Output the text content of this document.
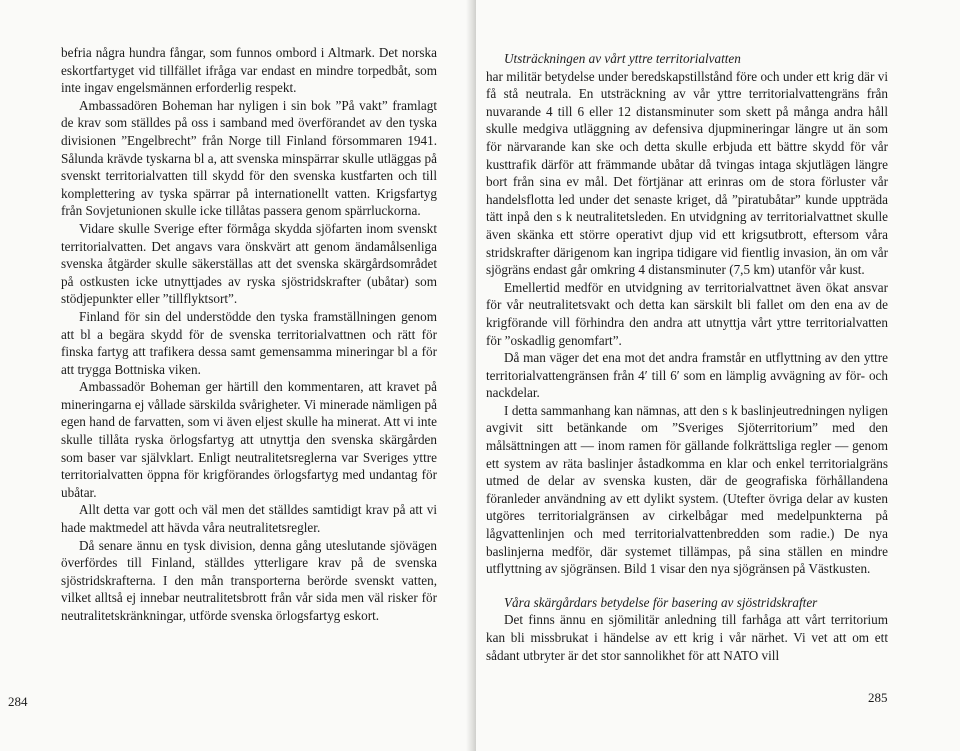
befria några hundra fångar, som funnos ombord i Altmark. Det norska eskortfartyget vid tillfället ifråga var endast en mindre torpedbåt, som inte ingav engelsmännen erforderlig respekt.

Ambassadören Boheman har nyligen i sin bok ”På vakt” framlagt de krav som ställdes på oss i samband med överförandet av den tyska divisionen ”Engelbrecht” från Norge till Finland försommaren 1941. Sålunda krävde tyskarna bl a, att svenska minspärrar skulle utläggas på svenskt territorialvatten till skydd för den svenska kustfarten och till komplettering av tyska spärrar på internationellt vatten. Krigsfartyg från Sovjetunionen skulle icke tillåtas passera genom spärrluckorna.

Vidare skulle Sverige efter förmåga skydda sjöfarten inom svenskt territorialvatten. Det angavs vara önskvärt att genom ändamålsenliga svenska åtgärder skulle säkerställas att det svenska skärgårdsområdet på ostkusten icke utnyttjades av ryska sjöstridskrafter (ubåtar) som stödjepunkter eller ”tillflyktsort”.

Finland för sin del understödde den tyska framställningen genom att bl a begära skydd för de svenska territorialvattnen och rätt för finska fartyg att trafikera dessa samt gemensamma mineringar bl a för att trygga Bottniska viken.

Ambassadör Boheman ger härtill den kommentaren, att kravet på mineringarna ej vållade särskilda svårigheter. Vi minerade nämligen på egen hand de farvatten, som vi även eljest skulle ha minerat. Att vi inte skulle tillåta ryska örlogsfartyg att utnyttja den svenska skärgården som baser var självklart. Enligt neutralitetsreglerna var Sveriges yttre territorialvatten öppna för krigförandes örlogsfartyg med undantag för ubåtar.

Allt detta var gott och väl men det ställdes samtidigt krav på att vi hade maktmedel att hävda våra neutralitetsregler.

Då senare ännu en tysk division, denna gång uteslutande sjövägen överfördes till Finland, ställdes ytterligare krav på de svenska sjöstridskrafterna. I den mån transporterna berörde svenskt vatten, vilket alltså ej innebar neutralitetsbrott från vår sida men väl risker för neutralitetskränkningar, utförde svenska örlogsfartyg eskort.

284

Utsträckningen av vårt yttre territorialvatten

har militär betydelse under beredskapstillstånd före och under ett krig där vi få stå neutrala. En utsträckning av vår yttre territorialvattengräns från nuvarande 4 till 6 eller 12 distansminuter som skett på många andra håll skulle medgiva utläggning av defensiva djupmineringar längre ut än som för närvarande kan ske och detta skulle erbjuda ett bättre skydd för vår kusttrafik därför att främmande ubåtar då tvingas intaga skjutlägen längre bort från sina ev mål. Det förtjänar att erinras om de stora förluster vår handelsflotta led under det senaste kriget, då ”piratubåtar” kunde uppträda tätt inpå den s k neutralitetsleden. En utvidgning av territorialvattnet skulle även skänka ett större operativt djup vid ett krigsutbrott, eftersom våra stridskrafter därigenom kan ingripa tidigare vid fientlig invasion, än om vår sjögräns endast går omkring 4 distansminuter (7,5 km) utanför vår kust.

Emellertid medför en utvidgning av territorialvattnet även ökat ansvar för vår neutralitetsvakt och detta kan särskilt bli fallet om den ena av de krigförande vill förhindra den andra att utnyttja vårt yttre territorialvatten för ”oskadlig genomfart”.

Då man väger det ena mot det andra framstår en utflyttning av den yttre territorialvattengränsen från 4′ till 6′ som en lämplig avvägning av för- och nackdelar.

I detta sammanhang kan nämnas, att den s k baslinjeutredningen nyligen avgivit sitt betänkande om ”Sveriges Sjöterritorium” med den målsättningen att — inom ramen för gällande folkrättsliga regler — genom ett system av räta baslinjer åstadkomma en klar och enkel territorialgräns utmed de delar av svenska kusten, där de geografiska förhållandena föranleder användning av ett dylikt system. (Utefter övriga delar av kusten utgöres territorialgränsen av cirkelbågar med medelpunkterna på lågvattenlinjen och med territorialvattenbredden som radie.) De nya baslinjerna medför, där systemet tillämpas, på sina ställen en mindre utflyttning av sjögränsen. Bild 1 visar den nya sjögränsen på Västkusten.

Våra skärgårdars betydelse för basering av sjöstridskrafter

Det finns ännu en sjömilitär anledning till farhåga att vårt territorium kan bli missbrukat i händelse av ett krig i vår närhet. Vi vet att om ett sådant utbryter är det stor sannolikhet för att NATO vill

285
